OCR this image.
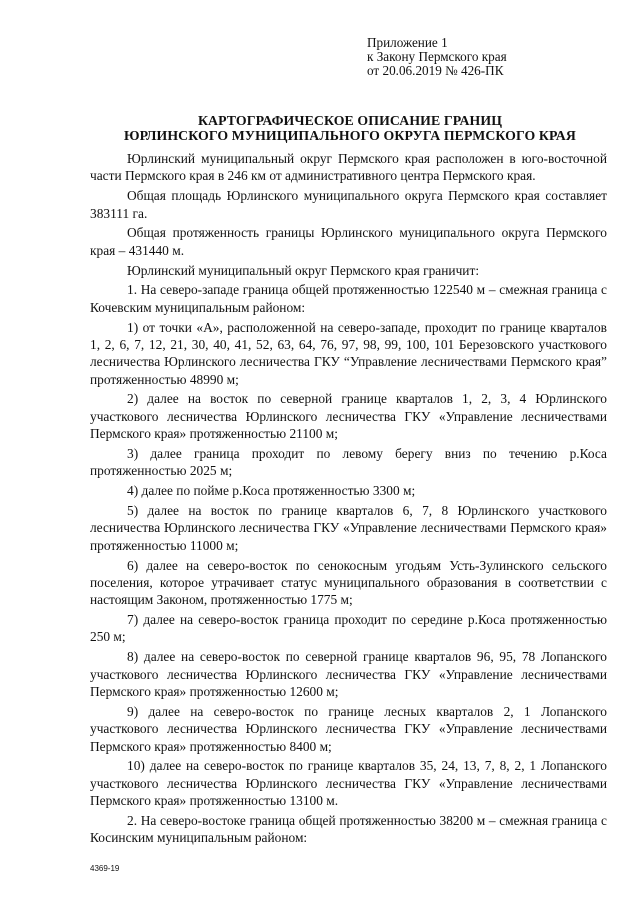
Приложение 1
к Закону Пермского края
от 20.06.2019 № 426-ПК
КАРТОГРАФИЧЕСКОЕ ОПИСАНИЕ ГРАНИЦ
ЮРЛИНСКОГО МУНИЦИПАЛЬНОГО ОКРУГА ПЕРМСКОГО КРАЯ

Юрлинский муниципальный округ Пермского края расположен в юго-восточной части Пермского края в 246 км от административного центра Пермского края.

Общая площадь Юрлинского муниципального округа Пермского края составляет 383111 га.

Общая протяженность границы Юрлинского муниципального округа Пермского края – 431440 м.

Юрлинский муниципальный округ Пермского края граничит:

1. На северо-западе граница общей протяженностью 122540 м – смежная граница с Кочевским муниципальным районом:

1) от точки «А», расположенной на северо-западе, проходит по границе кварталов 1, 2, 6, 7, 12, 21, 30, 40, 41, 52, 63, 64, 76, 97, 98, 99, 100, 101 Березовского участкового лесничества Юрлинского лесничества ГКУ “Управление лесничествами Пермского края” протяженностью 48990 м;

2) далее на восток по северной границе кварталов 1, 2, 3, 4 Юрлинского участкового лесничества Юрлинского лесничества ГКУ «Управление лесничествами Пермского края» протяженностью 21100 м;

3) далее граница проходит по левому берегу вниз по течению р.Коса протяженностью 2025 м;

4) далее по пойме р.Коса протяженностью 3300 м;

5) далее на восток по границе кварталов 6, 7, 8 Юрлинского участкового лесничества Юрлинского лесничества ГКУ «Управление лесничествами Пермского края» протяженностью 11000 м;

6) далее на северо-восток по сенокосным угодьям Усть-Зулинского сельского поселения, которое утрачивает статус муниципального образования в соответствии с настоящим Законом, протяженностью 1775 м;

7) далее на северо-восток граница проходит по середине р.Коса протяженностью 250 м;

8) далее на северо-восток по северной границе кварталов 96, 95, 78 Лопанского участкового лесничества Юрлинского лесничества ГКУ «Управление лесничествами Пермского края» протяженностью 12600 м;

9) далее на северо-восток по границе лесных кварталов 2, 1 Лопанского участкового лесничества Юрлинского лесничества ГКУ «Управление лесничествами Пермского края» протяженностью 8400 м;

10) далее на северо-восток по границе кварталов 35, 24, 13, 7, 8, 2, 1 Лопанского участкового лесничества Юрлинского лесничества ГКУ «Управление лесничествами Пермского края» протяженностью 13100 м.

2. На северо-востоке граница общей протяженностью 38200 м – смежная граница с Косинским муниципальным районом:

4369-19
